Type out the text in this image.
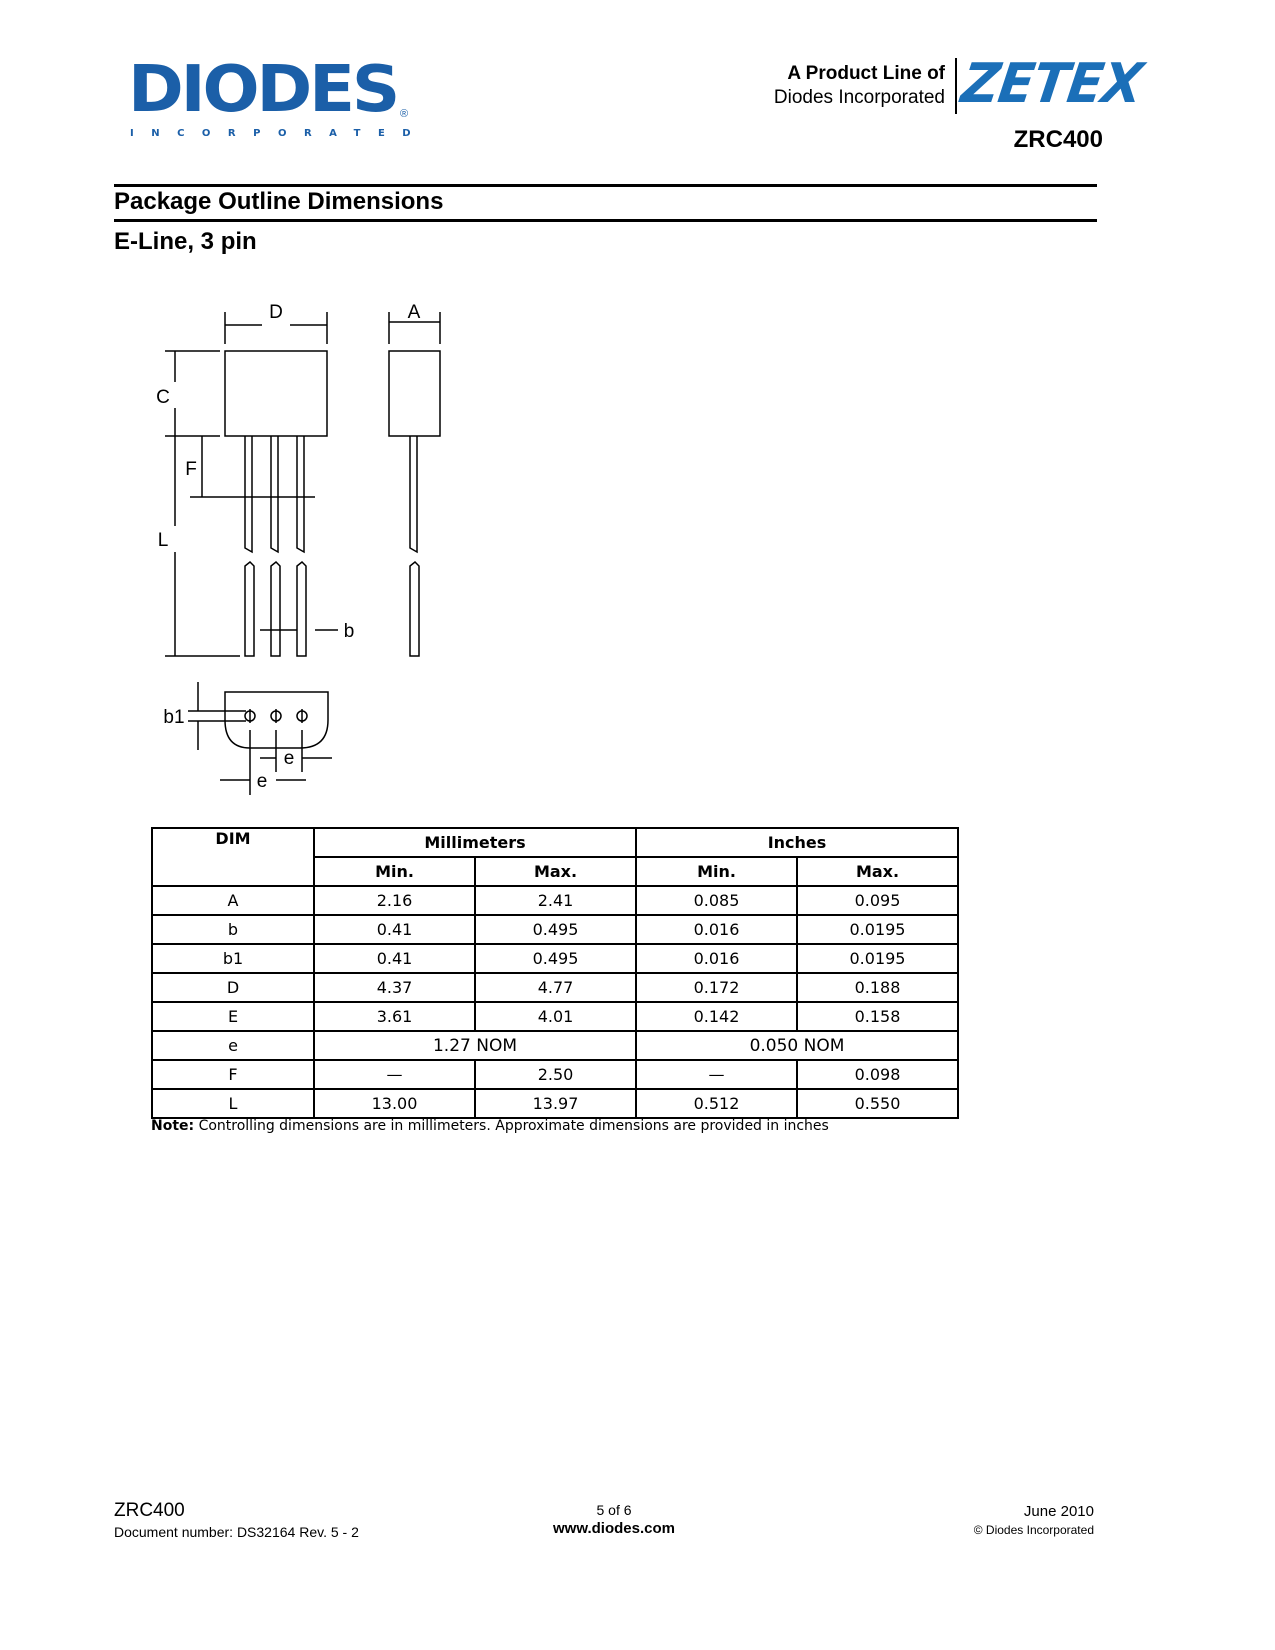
DIODES ®
INCORPORATED
A Product Line of
Diodes Incorporated ZETEX
ZRC400
Package Outline Dimensions
E-Line, 3 pin
D	A
C
F
L
b
b1
e
e
DIM	Millimeters		Inches	
	Min.	Max.	Min.	Max.
A	2.16	2.41	0.085	0.095
b	0.41	0.495	0.016	0.0195
b1	0.41	0.495	0.016	0.0195
D	4.37	4.77	0.172	0.188
E	3.61	4.01	0.142	0.158
e	1.27 NOM		0.050 NOM	
F	—	2.50	—	0.098
L	13.00	13.97	0.512	0.550
Note: Controlling dimensions are in millimeters. Approximate dimensions are provided in inches
ZRC400
Document number: DS32164 Rev. 5 - 2
5 of 6
www.diodes.com
June 2010
© Diodes Incorporated
